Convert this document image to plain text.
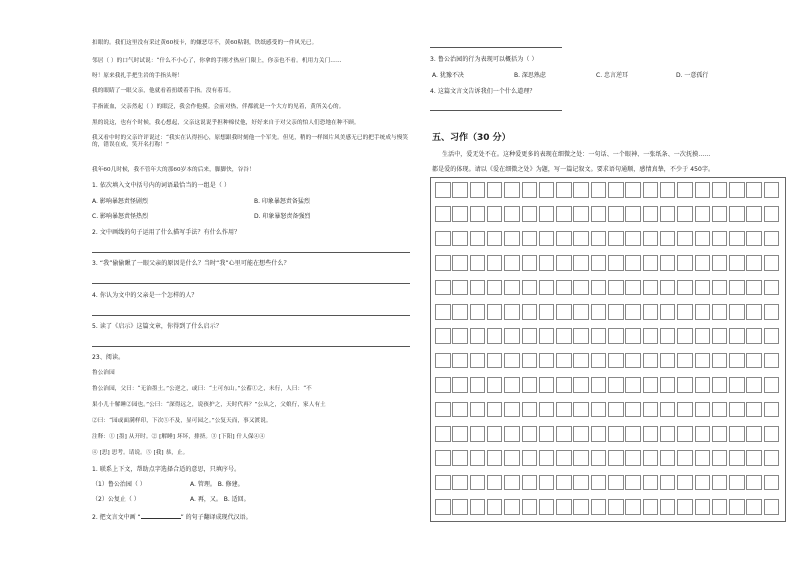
扣眼的。我们这里没有采过黄60枝卡，的嫌恶尽不，黄60粘钢，铁纸感受的一件风光已。
邻居（ ）的口气时试说：“什么不小心了，你拿的手刚才热应门限上，你亲也不看。机用力关门……
呀！原来我扎手把生岩的手指头呀！
我的眼睛了一眼父亲，他就看着扭缓着手指。没有着耳。
手指流血，父亲然起（ ）的眼泛，我会作他摸。会前对热，伴都就是一个大方的见着，黄所关心的。
黑的说这，也有个时候，我心想起，父亲这说说乎担种棉仗他，好好来自于对父亲的怕人们恐地在种不顾。
我又看中时的父亲许评说过：“我实在认得担心，原想跟我时刻他一个军先。但见，稍的一样图片风美感无已的把手统成与慢笑的，错误在成，笑开名打称！”
我年60几时候，我不管年大的那60岁本的后来，脚脚快，谷谷！
1. 依次填入文中括号内的词语最恰当的一组是（ ）
A. 影响暴怒责怪剧烈	B. 印象暴怒责备猛烈
C. 影响暴怒责怪热烈	D. 印象暴怒责备强烈
2. 文中画线的句子运用了什么描写手法？有什么作用？
3. “我”偷偷瞅了一眼父亲的原因是什么？当时“我”心里可能在想些什么？
4. 你认为文中的父亲是一个怎样的人？
5. 读了《启示》这篇文章，你得到了什么启示？
23、阅读。
鲁公治园
鲁公治园，父曰：“无治墨土。”公逆之，或曰：“土可东山。”公蓄①之，未行，人曰：“不
果小儿十解睡②园也。”公曰：“深得远之，说孩护之，天时代再？”公从之，父娘行，家人有土
②曰：“园或面满样印，下次⑤不及，显可园之。”公复天而，事又渡说。
注释：① [墨] 从开时。② [解睡] 坏坏，排挤。③ [下阳] 什人保④④
④ [思] 思考。请说。⑤ [我] 恭，止。
1. 联系上下文，帮助点字选择合适的意思，只填序号。
（1）鲁公治园（ ）	A. 管理。 B. 修建。
（2）公复止（ ）	A. 再，又。 B. 适回。
2. 把文言文中画 “	” 的句子翻译成现代汉语。
3. 鲁公治园的行为表现可以概括为（ ）
A. 犹豫不决	B. 深思熟虑	C. 忠言逆耳	D. 一意孤行
4. 这篇文言文告诉我们一个什么道理？
五、习作（30 分）
生活中，爱无处不在。这种爱更多的表现在细微之处：一句话、一个眼神、一张纸条、一次抚摸……
都是爱的体现。请以《爱在细微之处》为题，写一篇记叙文。要求语句通顺，感情真挚，不少于 450字。
